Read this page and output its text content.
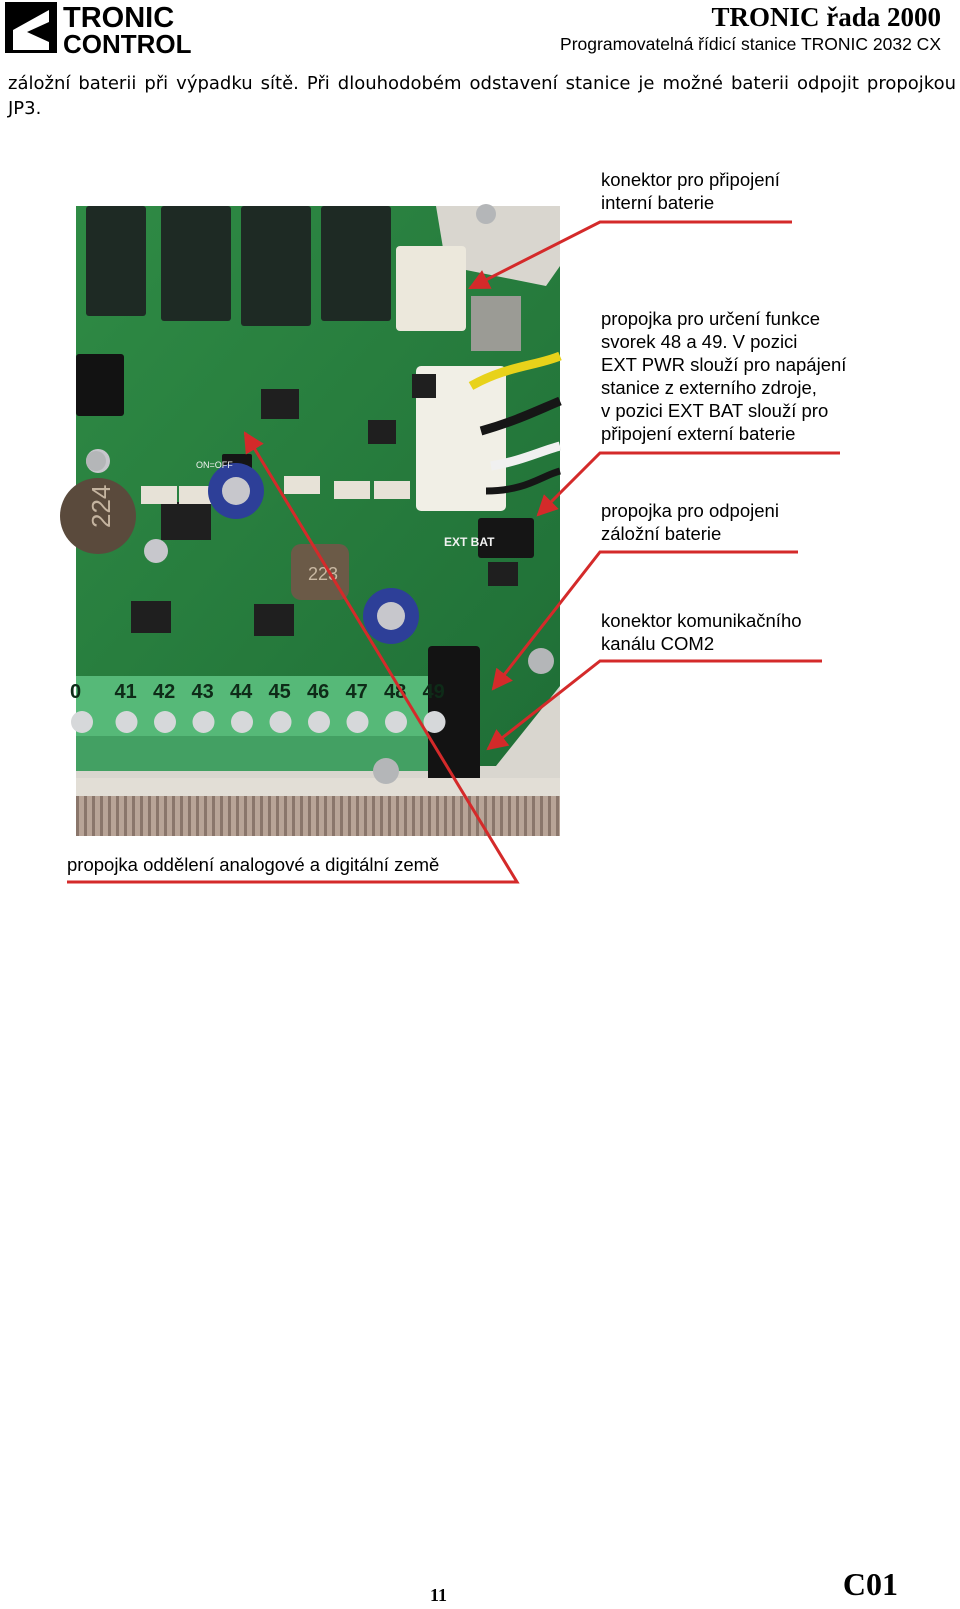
TRONIC
CONTROL
TRONIC řada 2000

Programovatelná řídicí stanice TRONIC 2032 CX

záložní baterii při výpadku sítě. Při dlouhodobém odstavení stanice je možné baterii odpojit propojkou JP3.

224
223
EXT BAT
ON=OFF
0 41 42 43 44 45 46 47 48 49
konektor pro připojení
interní baterie
propojka pro určení funkce
svorek 48 a 49. V pozici
EXT PWR slouží pro napájení
stanice z externího zdroje,
v pozici EXT BAT slouží pro
připojení externí baterie
propojka pro odpojeni
záložní baterie
konektor komunikačního
kanálu COM2
propojka oddělení analogové a digitální země

11	C01
